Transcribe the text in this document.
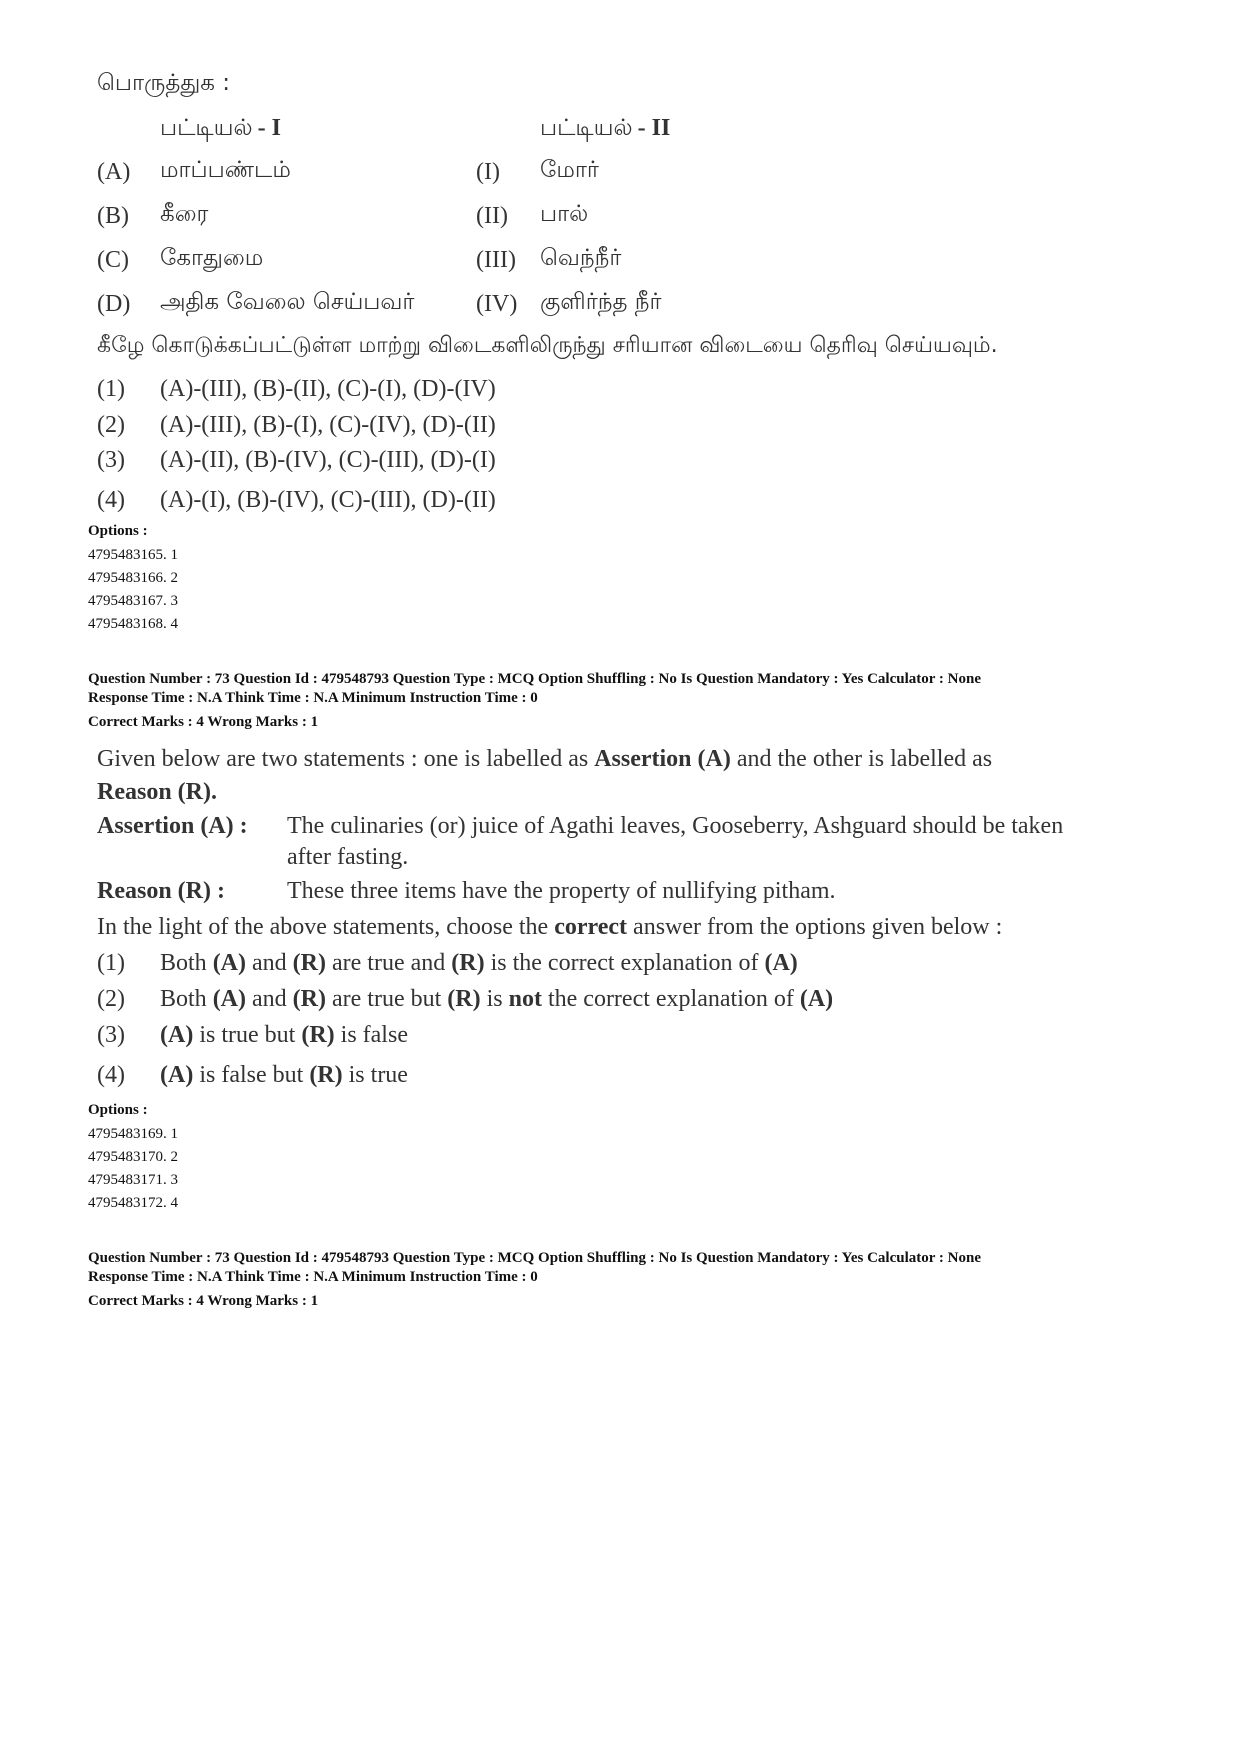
பொருத்துக :
பட்டியல் - I	பட்டியல் - II
(A) மாப்பண்டம்	(I) மோர்
(B) கீரை	(II) பால்
(C) கோதுமை	(III) வெந்நீர்
(D) அதிக வேலை செய்பவர்	(IV) குளிர்ந்த நீர்
கீழே கொடுக்கப்பட்டுள்ள மாற்று விடைகளிலிருந்து சரியான விடையை தெரிவு செய்யவும்.
(1) (A)-(III), (B)-(II), (C)-(I), (D)-(IV)
(2) (A)-(III), (B)-(I), (C)-(IV), (D)-(II)
(3) (A)-(II), (B)-(IV), (C)-(III), (D)-(I)
(4) (A)-(I), (B)-(IV), (C)-(III), (D)-(II)
Options :
4795483165. 1
4795483166. 2
4795483167. 3
4795483168. 4
Question Number : 73 Question Id : 479548793 Question Type : MCQ Option Shuffling : No Is Question Mandatory : Yes Calculator : None
Response Time : N.A Think Time : N.A Minimum Instruction Time : 0
Correct Marks : 4 Wrong Marks : 1
Given below are two statements : one is labelled as Assertion (A) and the other is labelled as
Reason (R).
Assertion (A) : The culinaries (or) juice of Agathi leaves, Gooseberry, Ashguard should be taken
after fasting.
Reason (R) :	These three items have the property of nullifying pitham.
In the light of the above statements, choose the correct answer from the options given below :
(1) Both (A) and (R) are true and (R) is the correct explanation of (A)
(2) Both (A) and (R) are true but (R) is not the correct explanation of (A)
(3) (A) is true but (R) is false
(4) (A) is false but (R) is true
Options :
4795483169. 1
4795483170. 2
4795483171. 3
4795483172. 4
Question Number : 73 Question Id : 479548793 Question Type : MCQ Option Shuffling : No Is Question Mandatory : Yes Calculator : None
Response Time : N.A Think Time : N.A Minimum Instruction Time : 0
Correct Marks : 4 Wrong Marks : 1
